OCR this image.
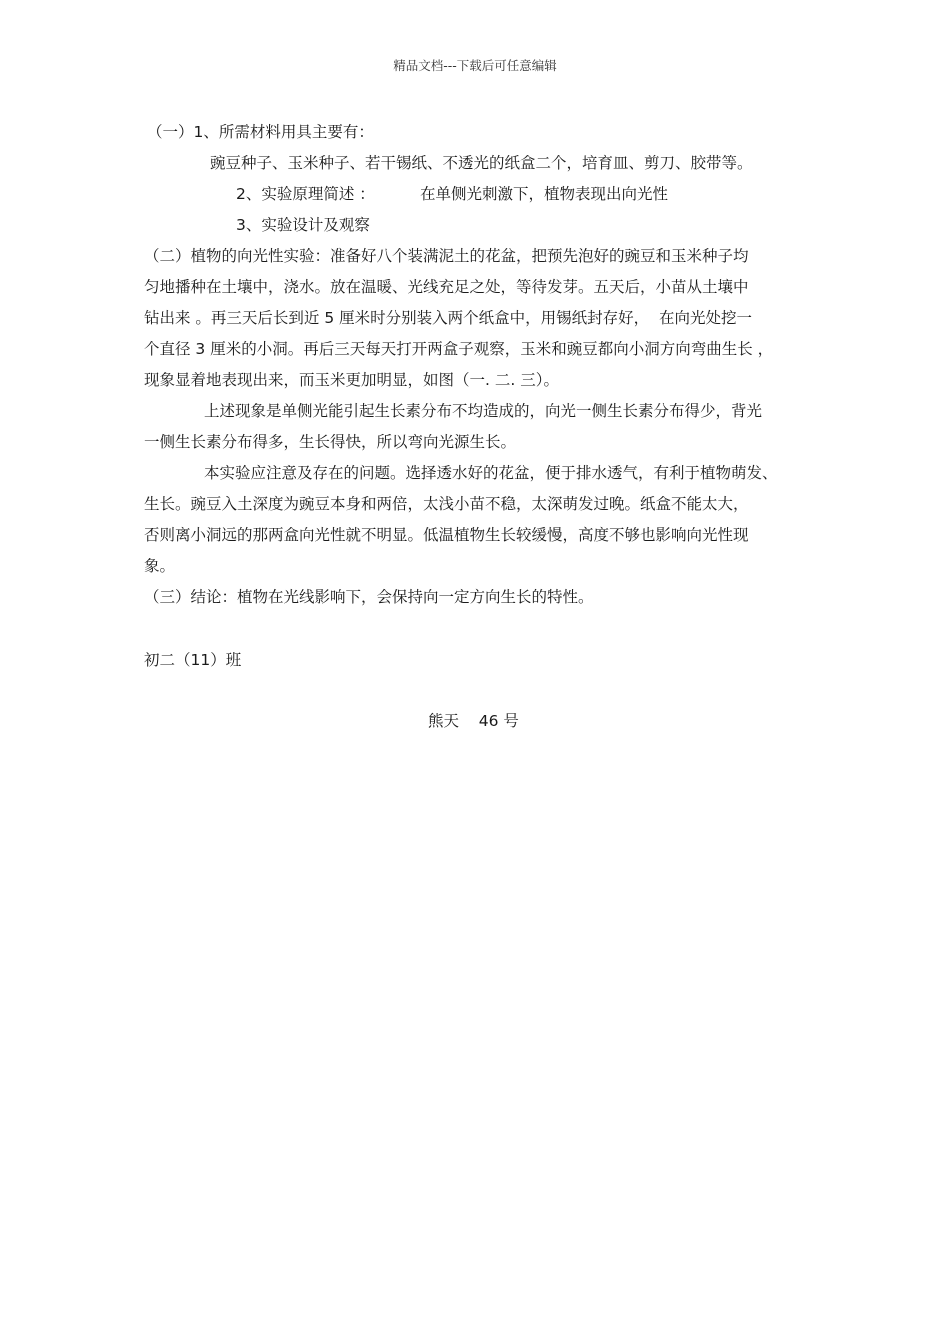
精品文档---下载后可任意编辑
（一）1、所需材料用具主要有：
豌豆种子、玉米种子、若干锡纸、不透光的纸盒二个，培育皿、剪刀、胶带等。
2、实验原理简述 ：	在单侧光刺激下，植物表现出向光性
3、实验设计及观察
（二）植物的向光性实验：准备好八个装满泥土的花盆，把预先泡好的豌豆和玉米种子均
匀地播种在土壤中，浇水。放在温暖、光线充足之处，等待发芽。五天后，小苗从土壤中
钻出来 。再三天后长到近 5 厘米时分别装入两个纸盒中，用锡纸封存好，  在向光处挖一
个直径 3 厘米的小洞。再后三天每天打开两盒子观察，玉米和豌豆都向小洞方向弯曲生长 ，
现象显着地表现出来，而玉米更加明显，如图（一. 二. 三）。
上述现象是单侧光能引起生长素分布不均造成的，向光一侧生长素分布得少，背光
一侧生长素分布得多，生长得快，所以弯向光源生长。
本实验应注意及存在的问题。选择透水好的花盆，便于排水透气，有利于植物萌发、
生长。豌豆入土深度为豌豆本身和两倍，太浅小苗不稳，太深萌发过晚。纸盒不能太大，
否则离小洞远的那两盒向光性就不明显。低温植物生长较缓慢，高度不够也影响向光性现
象。
（三）结论：植物在光线影响下，会保持向一定方向生长的特性。
初二（11）班
熊天    46 号
